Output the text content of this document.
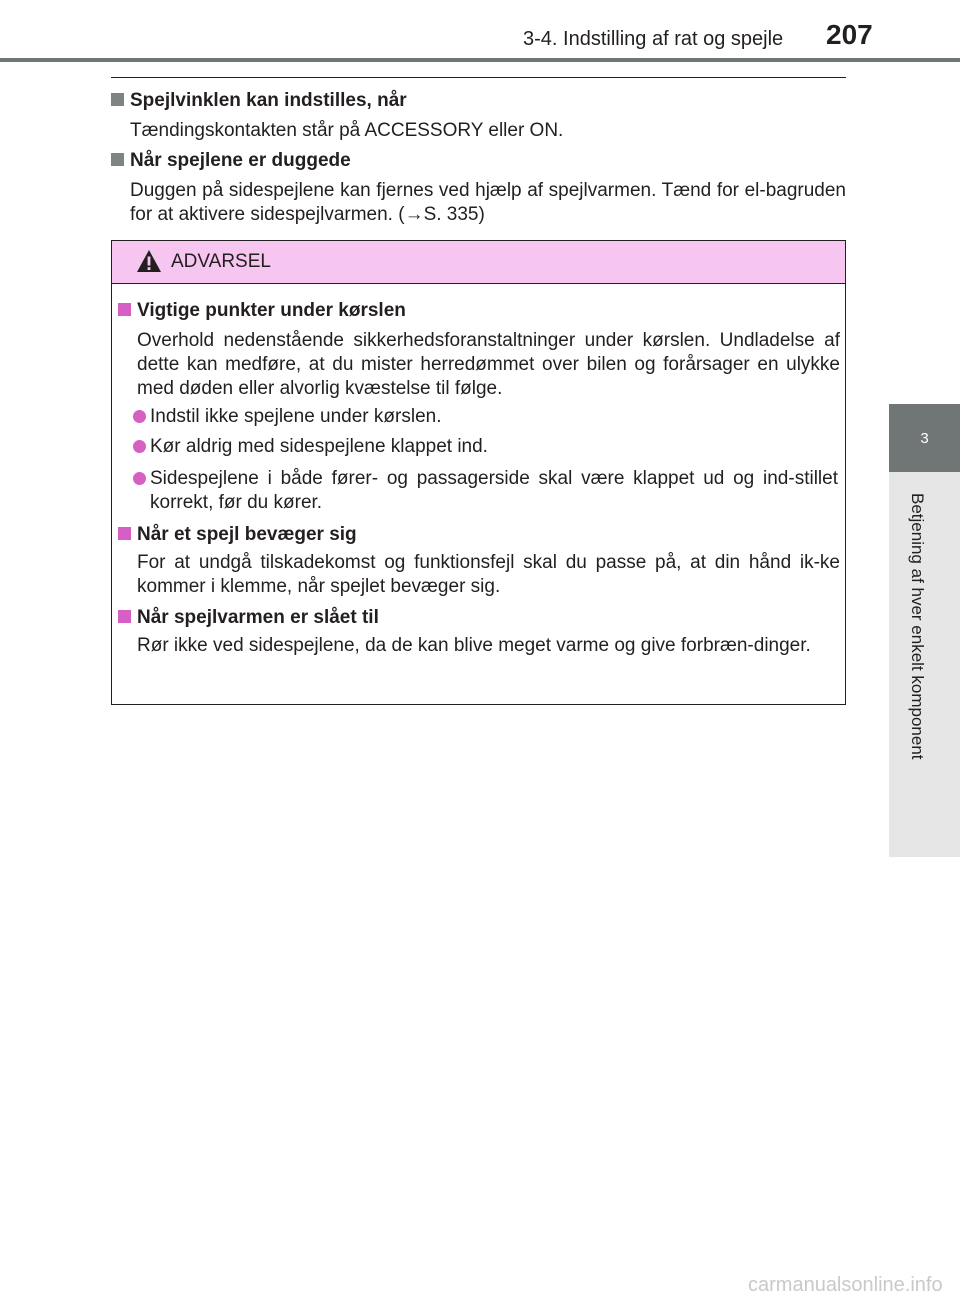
3-4. Indstilling af rat og spejle 207
3
Betjening af hver enkelt komponent
Spejlvinklen kan indstilles, når
Tændingskontakten står på ACCESSORY eller ON.
Når spejlene er duggede
Duggen på sidespejlene kan fjernes ved hjælp af spejlvarmen. Tænd for el-bagruden for at aktivere sidespejlvarmen. (→S. 335)
ADVARSEL
Vigtige punkter under kørslen
Overhold nedenstående sikkerhedsforanstaltninger under kørslen. Undladelse af dette kan medføre, at du mister herredømmet over bilen og forårsager en ulykke med døden eller alvorlig kvæstelse til følge.
Indstil ikke spejlene under kørslen.
Kør aldrig med sidespejlene klappet ind.
Sidespejlene i både fører- og passagerside skal være klappet ud og ind-stillet korrekt, før du kører.
Når et spejl bevæger sig
For at undgå tilskadekomst og funktionsfejl skal du passe på, at din hånd ik-ke kommer i klemme, når spejlet bevæger sig.
Når spejlvarmen er slået til
Rør ikke ved sidespejlene, da de kan blive meget varme og give forbræn-dinger.
carmanualsonline.info
